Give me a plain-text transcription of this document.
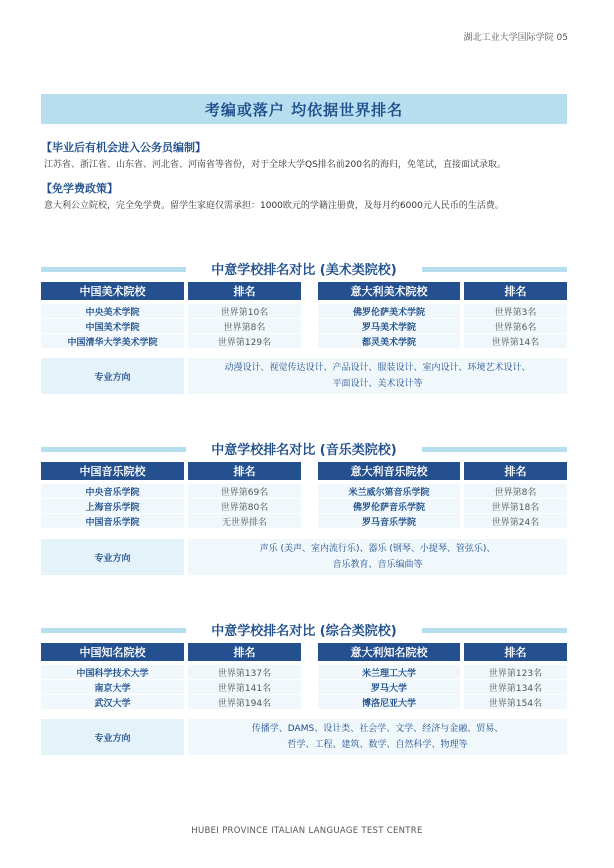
湖北工业大学国际学院 05
考编或落户 均依据世界排名
【毕业后有机会进入公务员编制】
江苏省、浙江省、山东省、河北省、河南省等省份，对于全球大学QS排名前200名的海归，免笔试，直接面试录取。
【免学费政策】
意大利公立院校，完全免学费。留学生家庭仅需承担：1000欧元的学籍注册费，及每月约6000元人民币的生活费。
中意学校排名对比 (美术类院校)
中国美术院校	排名	意大利美术院校	排名
中央美术学院	世界第10名	佛罗伦萨美术学院	世界第3名
中国美术学院	世界第8名	罗马美术学院	世界第6名
中国清华大学美术学院	世界第129名	都灵美术学院	世界第14名
专业方向
动漫设计、视觉传达设计、产品设计、服装设计、室内设计、环境艺术设计、
平面设计、美术设计等
中意学校排名对比 (音乐类院校)
中国音乐院校	排名	意大利音乐院校	排名
中央音乐学院	世界第69名	米兰威尔第音乐学院	世界第8名
上海音乐学院	世界第80名	佛罗伦萨音乐学院	世界第18名
中国音乐学院	无世界排名	罗马音乐学院	世界第24名
专业方向
声乐 (美声、室内流行乐)、器乐 (钢琴、小提琴、管弦乐)、
音乐教育、音乐编曲等
中意学校排名对比 (综合类院校)
中国知名院校	排名	意大利知名院校	排名
中国科学技术大学	世界第137名	米兰理工大学	世界第123名
南京大学	世界第141名	罗马大学	世界第134名
武汉大学	世界第194名	博洛尼亚大学	世界第154名
专业方向
传播学、DAMS、设计类、社会学、文学、经济与金融、贸易、
哲学、工程、建筑、数学、自然科学、物理等
HUBEI PROVINCE ITALIAN LANGUAGE TEST CENTRE
